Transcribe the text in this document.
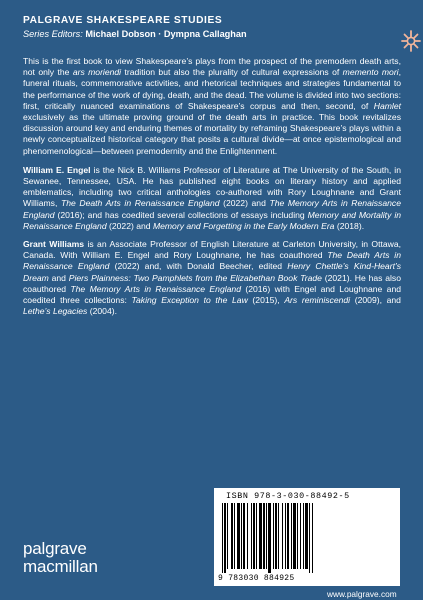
PALGRAVE SHAKESPEARE STUDIES
Series Editors: Michael Dobson · Dympna Callaghan

This is the first book to view Shakespeare’s plays from the prospect of the premodern death arts, not only the ars moriendi tradition but also the plurality of cultural expressions of memento mori, funeral rituals, commemorative activities, and rhetorical techniques and strategies fundamental to the performance of the work of dying, death, and the dead. The volume is divided into two sections: first, critically nuanced examinations of Shakespeare’s corpus and then, second, of Hamlet exclusively as the ultimate proving ground of the death arts in practice. This book revitalizes discussion around key and enduring themes of mortality by reframing Shakespeare’s plays within a newly conceptualized historical category that posits a cultural divide—at once epistemological and phenomenological—between premodernity and the Enlightenment.

William E. Engel is the Nick B. Williams Professor of Literature at The University of the South, in Sewanee, Tennessee, USA. He has published eight books on literary history and applied emblematics, including two critical anthologies co-authored with Rory Loughnane and Grant Williams, The Death Arts in Renaissance England (2022) and The Memory Arts in Renaissance England (2016); and has coedited several collections of essays including Memory and Mortality in Renaissance England (2022) and Memory and Forgetting in the Early Modern Era (2018).

Grant Williams is an Associate Professor of English Literature at Carleton University, in Ottawa, Canada. With William E. Engel and Rory Loughnane, he has coauthored The Death Arts in Renaissance England (2022) and, with Donald Beecher, edited Henry Chettle’s Kind-Heart’s Dream and Piers Plainness: Two Pamphlets from the Elizabethan Book Trade (2021). He has also coauthored The Memory Arts in Renaissance England (2016) with Engel and Loughnane and coedited three collections: Taking Exception to the Law (2015), Ars reminiscendi (2009), and Lethe’s Legacies (2004).

ISBN 978-3-030-88492-5
9 783030 884925
www.palgrave.com
palgrave
macmillan
